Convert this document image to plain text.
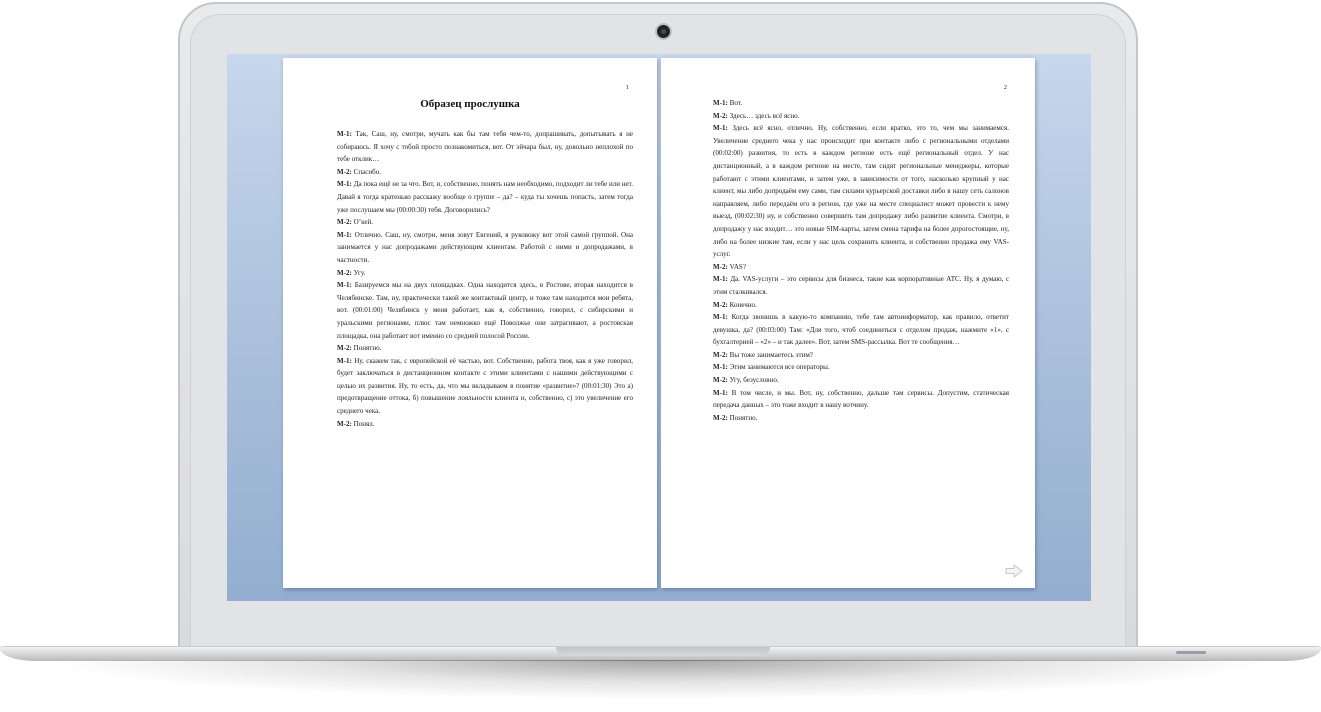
1
Образец прослушка

М-1: Так, Саш, ну, смотри, мучать как бы там тебя чем-то, допрашивать, допытывать я не собираюсь. Я хочу с тобой просто познакомиться, вот. От эйчара был, ну, довольно неплохой по тебе отклик…

М-2: Спасибо.

М-1: Да пока ещё не за что. Вот, и, собственно, понять нам необходимо, подходит ли тебе или нет. Давай я тогда кратенько расскажу вообще о группе – да? – куда ты хочешь попасть, затем тогда уже послушаем мы (00:00:30) тебя. Договорились?

М-2: О’кей.

М-1: Отлично. Саш, ну, смотри, меня зовут Евгений, я руковожу вот этой самой группой. Она занимается у нас допродажами действующим клиентам. Работой с ними и допродажами, в частности.

М-2: Угу.

М-1: Базируемся мы на двух площадках. Одна находится здесь, в Ростове, вторая находится в Челябинске. Там, ну, практически такой же контактный центр, и тоже там находится мои ребята, вот. (00:01:00) Челябинск у меня работает, как я, собственно, говорил, с сибирскими и уральскими регионами, плюс там немножко ещё Поволжье они затрагивают, а ростовская площадка, она работает вот именно со средней полосой России.

М-2: Понятно.

М-1: Ну, скажем так, с европейской её частью, вот. Собственно, работа твоя, как я уже говорил, будет заключаться в дистанционном контакте с этими клиентами с нашими действующими с целью их развития. Ну, то есть, да, что мы вкладываем в понятие «развитие»? (00:01:30) Это а) предотвращение оттока, б) повышение лояльности клиента и, собственно, с) это увеличение его среднего чека.

М-2: Понял.

2

М-1: Вот.

М-2: Здесь… здесь всё ясно.

М-1: Здесь всё ясно, отлично. Ну, собственно, если кратко, это то, чем мы занимаемся. Увеличение среднего чека у нас происходит при контакте либо с региональными отделами (00:02:00) развития, то есть в каждом регионе есть ещё региональный отдел. У нас дистанционный, а в каждом регионе на месте, там сидят региональные менеджеры, которые работают с этими клиентами, и затем уже, в зависимости от того, насколько крупный у нас клиент, мы либо допродаём ему сами, там силами курьерской доставки либо в нашу сеть салонов направляем, либо передаём его в регион, где уже на месте специалист может провести к нему выезд, (00:02:30) ну, и собственно совершить там допродажу либо развитие клиента. Смотри, в допродажу у нас входит… это новые SIM-карты, затем смена тарифа на более дорогостоящие, ну, либо на более низкие там, если у нас цель сохранить клиента, и собственно продажа ему VAS-услуг.

М-2: VAS?

М-1: Да. VAS-услуги – это сервисы для бизнеса, такие как корпоративные АТС. Ну, я думаю, с этим сталкивался.

М-2: Конечно.

М-1: Когда звонишь в какую-то компанию, тебе там автоинформатор, как правило, ответит девушка, да? (00:03:00) Там: «Для того, чтоб соединиться с отделом продаж, нажмите «1», с бухгалтерией – «2» – и так далее». Вот, затем SMS-рассылка. Вот те сообщения…

М-2: Вы тоже занимаетесь этим?

М-1: Этим занимаются все операторы.

М-2: Угу, безусловно.

М-1: В том числе, и мы. Вот, ну, собственно, дальше там сервисы. Допустим, статическая передача данных – это тоже входит в нашу вотчину.

М-2: Понятно.
